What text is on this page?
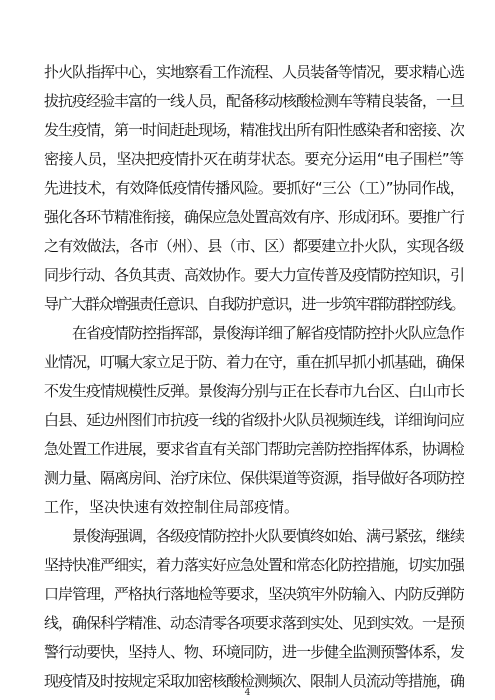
扑火队指挥中心，实地察看工作流程、人员装备等情况，要求精心选
拔抗疫经验丰富的一线人员，配备移动核酸检测车等精良装备，一旦
发生疫情，第一时间赶赴现场，精准找出所有阳性感染者和密接、次
密接人员，坚决把疫情扑灭在萌芽状态。要充分运用“电子围栏”等
先进技术，有效降低疫情传播风险。要抓好“三公（工）”协同作战，
强化各环节精准衔接，确保应急处置高效有序、形成闭环。要推广行
之有效做法，各市（州）、县（市、区）都要建立扑火队，实现各级
同步行动、各负其责、高效协作。要大力宣传普及疫情防控知识，引
导广大群众增强责任意识、自我防护意识，进一步筑牢群防群控防线。
在省疫情防控指挥部，景俊海详细了解省疫情防控扑火队应急作
业情况，叮嘱大家立足于防、着力在守，重在抓早抓小抓基础，确保
不发生疫情规模性反弹。景俊海分别与正在长春市九台区、白山市长
白县、延边州图们市抗疫一线的省级扑火队员视频连线，详细询问应
急处置工作进展，要求省直有关部门帮助完善防控指挥体系，协调检
测力量、隔离房间、治疗床位、保供渠道等资源，指导做好各项防控
工作，坚决快速有效控制住局部疫情。
景俊海强调，各级疫情防控扑火队要慎终如始、满弓紧弦，继续
坚持快准严细实，着力落实好应急处置和常态化防控措施，切实加强
口岸管理，严格执行落地检等要求，坚决筑牢外防输入、内防反弹防
线，确保科学精准、动态清零各项要求落到实处、见到实效。一是预
警行动要快，坚持人、物、环境同防，进一步健全监测预警体系，发
现疫情及时按规定采取加密核酸检测频次、限制人员流动等措施，确
4
